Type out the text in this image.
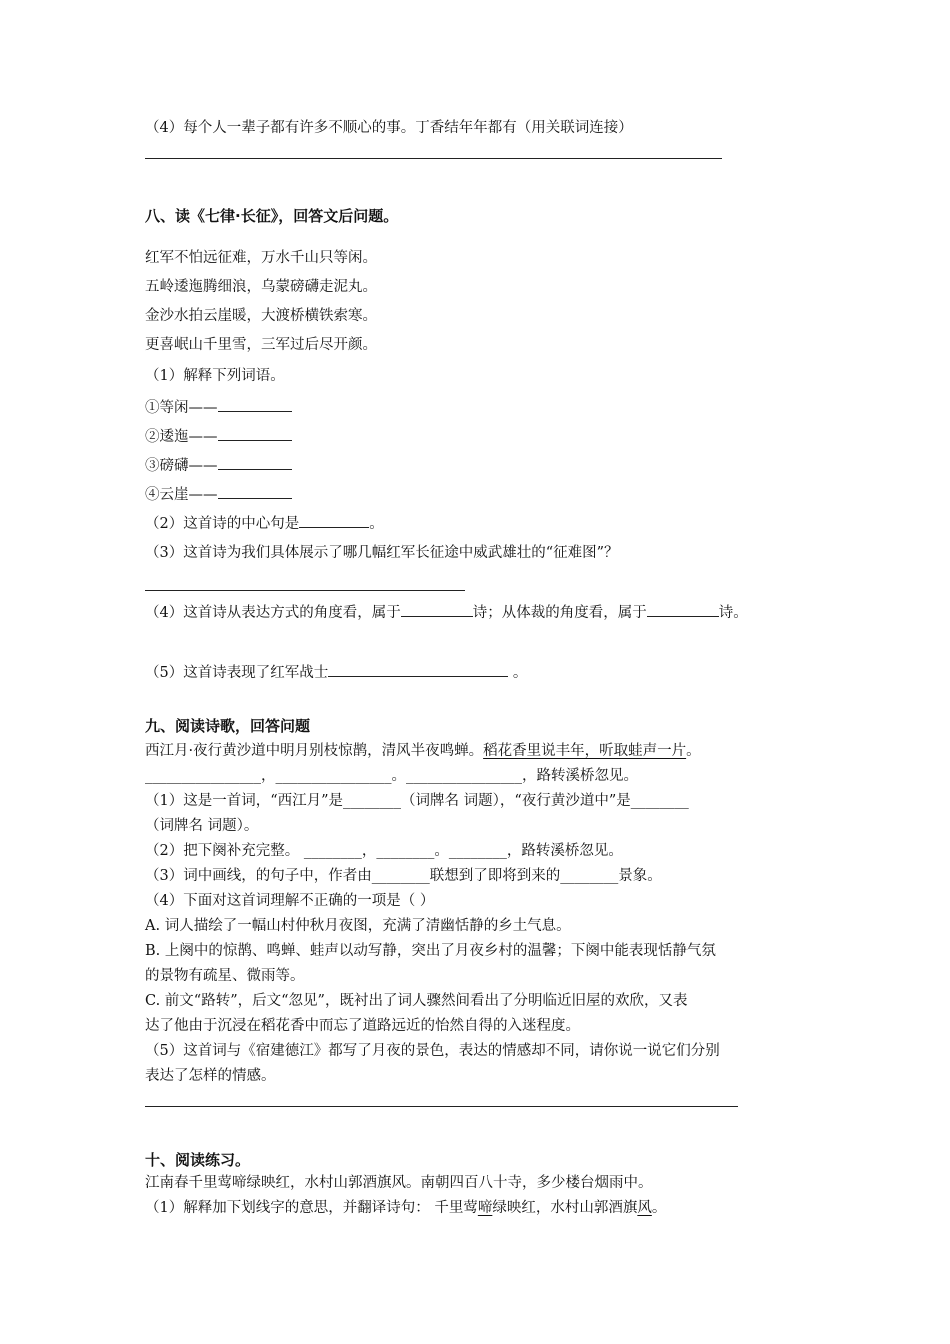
（4）每个人一辈子都有许多不顺心的事。丁香结年年都有（用关联词连接）
八、读《七律·长征》，回答文后问题。
红军不怕远征难，万水千山只等闲。
五岭逶迤腾细浪，乌蒙磅礴走泥丸。
金沙水拍云崖暖，大渡桥横铁索寒。
更喜岷山千里雪，三军过后尽开颜。
（1）解释下列词语。
①等闲——
②逶迤——
③磅礴——
④云崖——
（2）这首诗的中心句是	。
（3）这首诗为我们具体展示了哪几幅红军长征途中威武雄壮的“征难图”？
（4）这首诗从表达方式的角度看，属于	诗；从体裁的角度看，属于	诗。
（5）这首诗表现了红军战士	。
九、阅读诗歌，回答问题
西江月·夜行黄沙道中明月别枝惊鹊，清风半夜鸣蝉。稻花香里说丰年，听取蛙声一片。
________________，________________。________________，路转溪桥忽见。
（1）这是一首词，“西江月”是________（词牌名 词题），“夜行黄沙道中”是________
（词牌名 词题）。
（2）把下阕补充完整。 ________，________。________，路转溪桥忽见。
（3）词中画线，的句子中，作者由________联想到了即将到来的________景象。
（4）下面对这首词理解不正确的一项是（ ）
A. 词人描绘了一幅山村仲秋月夜图，充满了清幽恬静的乡土气息。
B. 上阕中的惊鹊、鸣蝉、蛙声以动写静，突出了月夜乡村的温馨；下阕中能表现恬静气氛
的景物有疏星、微雨等。
C. 前文“路转”，后文“忽见”，既衬出了词人骤然间看出了分明临近旧屋的欢欣，又表
达了他由于沉浸在稻花香中而忘了道路远近的怡然自得的入迷程度。
（5）这首词与《宿建德江》都写了月夜的景色，表达的情感却不同，请你说一说它们分别
表达了怎样的情感。
十、阅读练习。
江南春千里莺啼绿映红，水村山郭酒旗风。南朝四百八十寺，多少楼台烟雨中。
（1）解释加下划线字的意思，并翻译诗句： 千里莺啼绿映红，水村山郭酒旗风。
